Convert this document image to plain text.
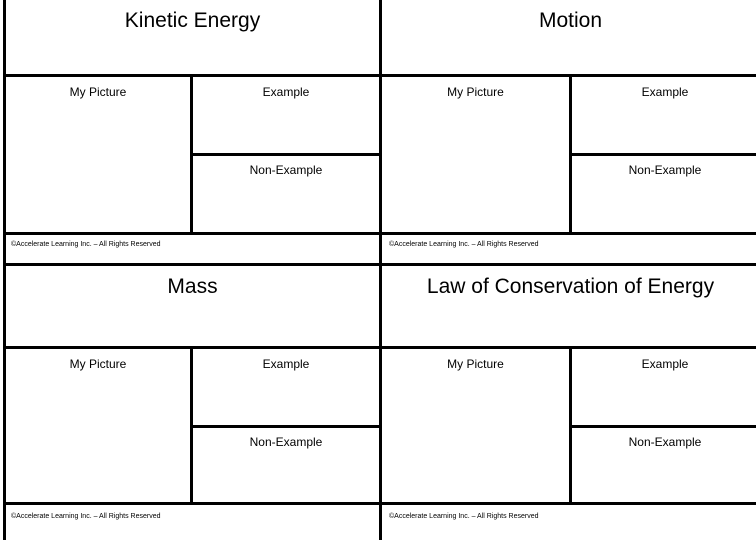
Kinetic Energy
My Picture	Example
Non-Example
©Accelerate Learning Inc. – All Rights Reserved
Motion
My Picture	Example
Non-Example
©Accelerate Learning Inc. – All Rights Reserved
Mass
My Picture	Example
Non-Example
©Accelerate Learning Inc. – All Rights Reserved
Law of Conservation of Energy
My Picture	Example
Non-Example
©Accelerate Learning Inc. – All Rights Reserved
